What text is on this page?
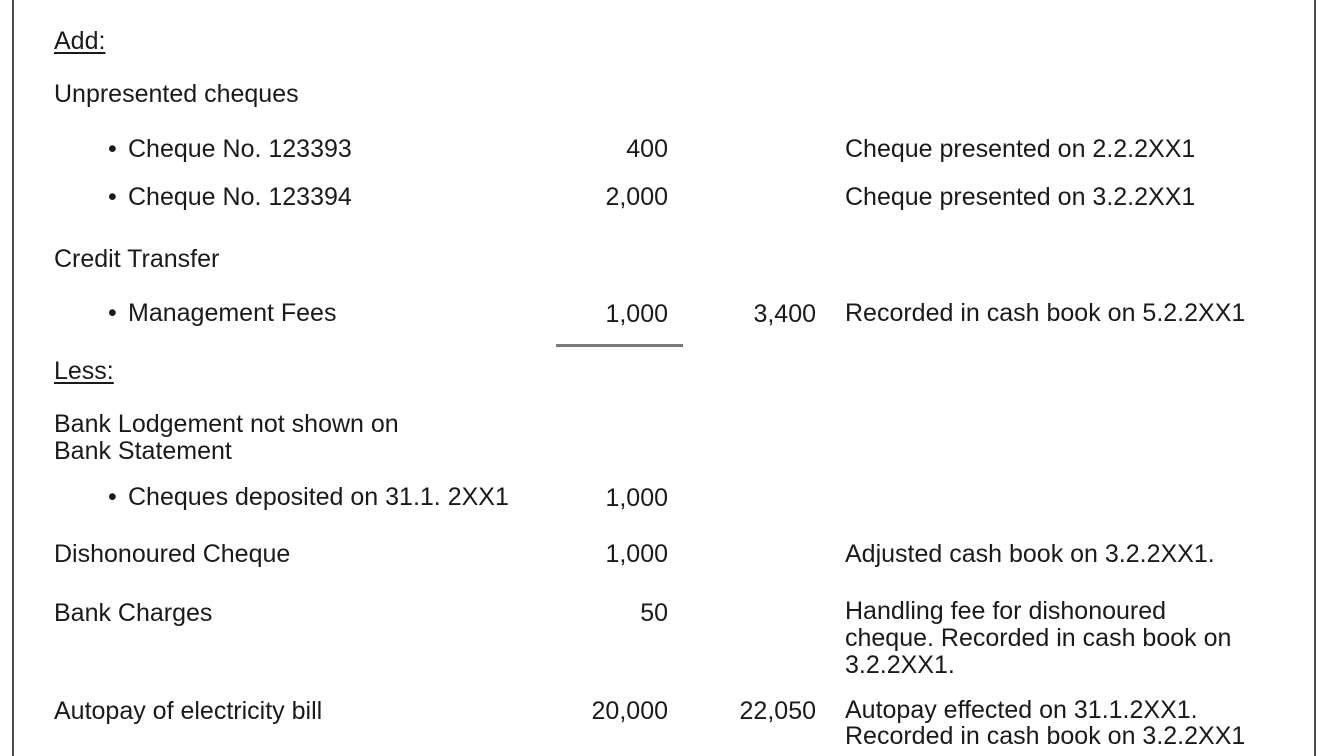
Add:
Unpresented cheques
• Cheque No. 123393	400	Cheque presented on 2.2.2XX1
• Cheque No. 123394	2,000	Cheque presented on 3.2.2XX1
Credit Transfer
• Management Fees	1,000	3,400 Recorded in cash book on 5.2.2XX1
Less:
Bank Lodgement not shown on
Bank Statement
• Cheques deposited on 31.1. 2XX1	1,000
Dishonoured Cheque	1,000	Adjusted cash book on 3.2.2XX1.
Bank Charges	50	Handling fee for dishonoured
cheque. Recorded in cash book on
3.2.2XX1.
Autopay of electricity bill	20,000	22,050 Autopay effected on 31.1.2XX1.
Recorded in cash book on 3.2.2XX1
